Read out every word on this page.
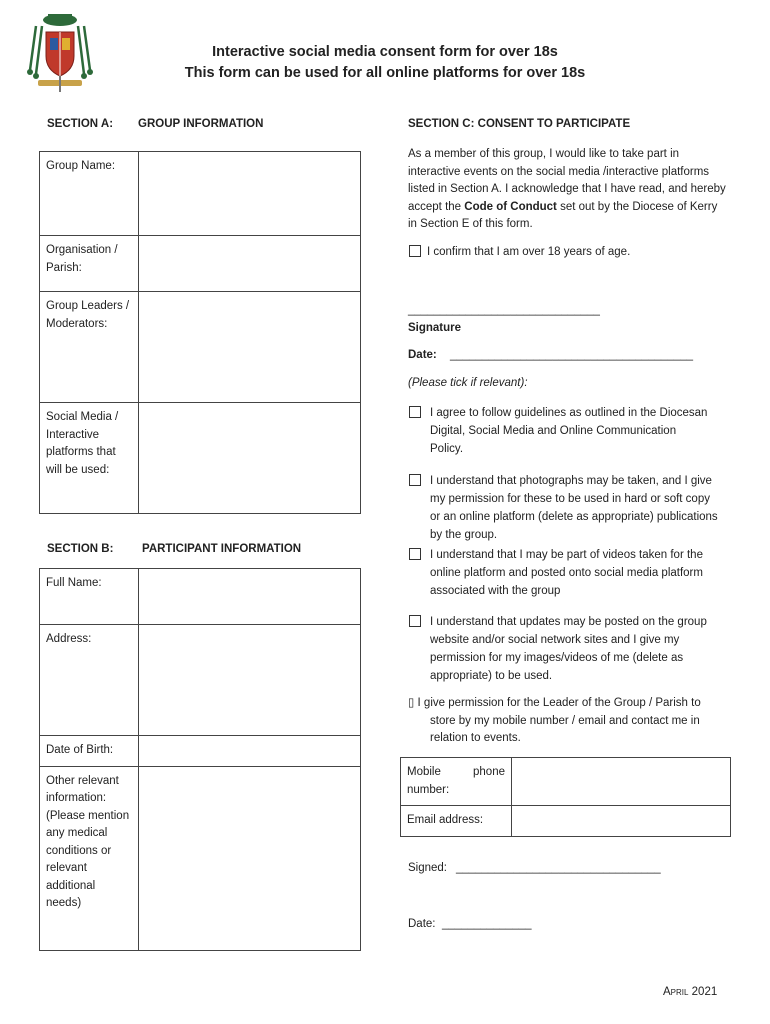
Interactive social media consent form for over 18s
This form can be used for all online platforms for over 18s
SECTION A: GROUP INFORMATION
Group Name:	
Organisation / Parish:	
Group Leaders / Moderators:	
Social Media / Interactive platforms that will be used:	
SECTION B: PARTICIPANT INFORMATION
Full Name:	
Address:	
Date of Birth:	
Other relevant information: (Please mention any medical conditions or relevant additional needs)	
SECTION C: CONSENT TO PARTICIPATE
As a member of this group, I would like to take part in interactive events on the social media /interactive platforms listed in Section A. I acknowledge that I have read, and hereby accept the Code of Conduct set out by the Diocese of Kerry in Section E of this form.
I confirm that I am over 18 years of age.
______________________________
Signature
Date: ______________________________________
(Please tick if relevant):
I agree to follow guidelines as outlined in the Diocesan Digital, Social Media and Online Communication Policy.
I understand that photographs may be taken, and I give my permission for these to be used in hard or soft copy or an online platform (delete as appropriate) publications by the group.
I understand that I may be part of videos taken for the online platform and posted onto social media platform associated with the group
I understand that updates may be posted on the group website and/or social network sites and I give my permission for my images/videos of me (delete as appropriate) to be used.
▯ I give permission for the Leader of the Group / Parish to store by my mobile number / email and contact me in relation to events.
Mobile phone number:	
Email address:	
Signed: ________________________________
Date: ______________
April 2021
